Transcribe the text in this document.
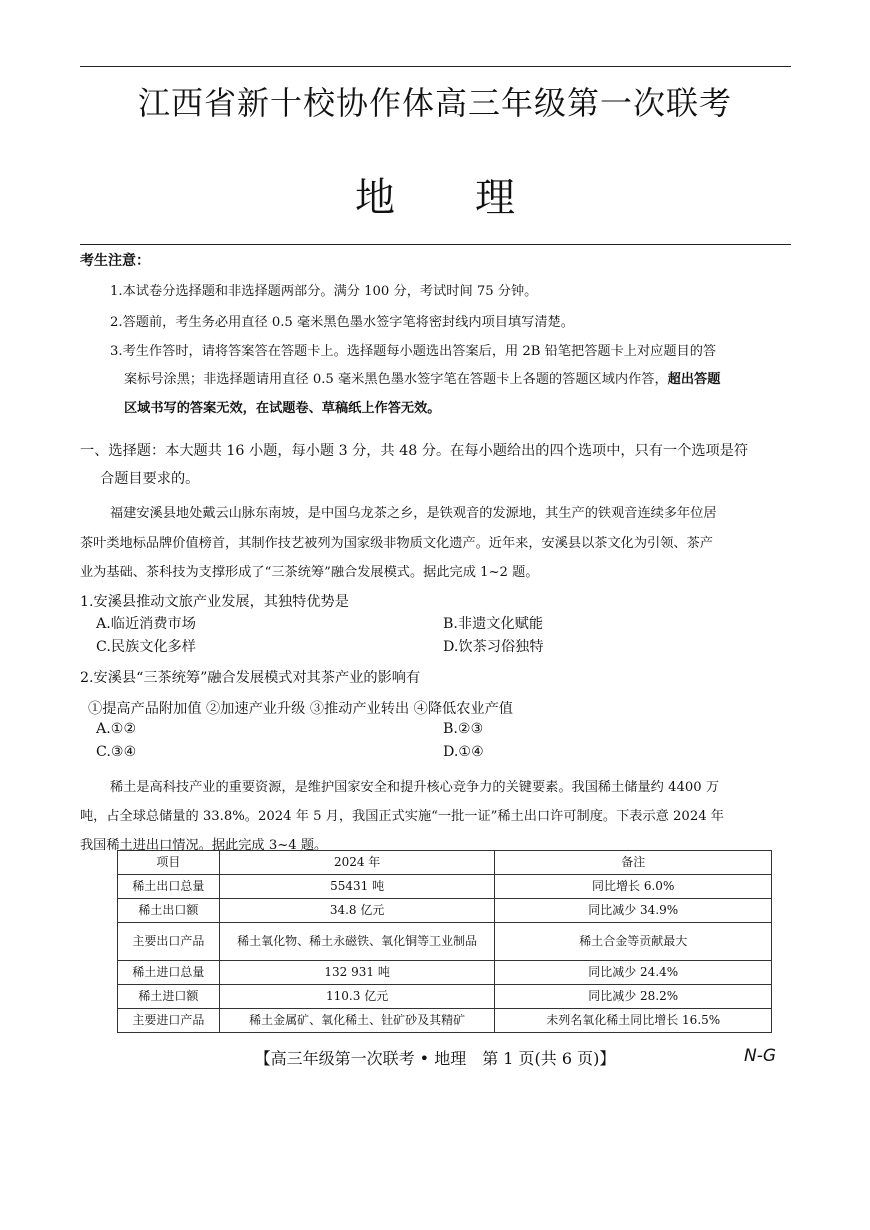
江西省新十校协作体高三年级第一次联考
地　　理
考生注意：
1.本试卷分选择题和非选择题两部分。满分 100 分，考试时间 75 分钟。
2.答题前，考生务必用直径 0.5 毫米黑色墨水签字笔将密封线内项目填写清楚。
3.考生作答时，请将答案答在答题卡上。选择题每小题选出答案后，用 2B 铅笔把答题卡上对应题目的答
案标号涂黑；非选择题请用直径 0.5 毫米黑色墨水签字笔在答题卡上各题的答题区域内作答，超出答题
区域书写的答案无效，在试题卷、草稿纸上作答无效。
一、选择题：本大题共 16 小题，每小题 3 分，共 48 分。在每小题给出的四个选项中，只有一个选项是符
合题目要求的。
福建安溪县地处戴云山脉东南坡，是中国乌龙茶之乡，是铁观音的发源地，其生产的铁观音连续多年位居
茶叶类地标品牌价值榜首，其制作技艺被列为国家级非物质文化遗产。近年来，安溪县以茶文化为引领、茶产
业为基础、茶科技为支撑形成了“三茶统筹”融合发展模式。据此完成 1~2 题。
1.安溪县推动文旅产业发展，其独特优势是
A.临近消费市场	B.非遗文化赋能
C.民族文化多样	D.饮茶习俗独特
2.安溪县“三茶统筹”融合发展模式对其茶产业的影响有
①提高产品附加值 ②加速产业升级 ③推动产业转出 ④降低农业产值
A.①②	B.②③
C.③④	D.①④
稀土是高科技产业的重要资源，是维护国家安全和提升核心竞争力的关键要素。我国稀土储量约 4400 万
吨，占全球总储量的 33.8%。2024 年 5 月，我国正式实施“一批一证”稀土出口许可制度。下表示意 2024 年
我国稀土进出口情况。据此完成 3~4 题。
项目	2024 年	备注
稀土出口总量	55431 吨	同比增长 6.0%
稀土出口额	34.8 亿元	同比减少 34.9%
主要出口产品	稀土氧化物、稀土永磁铁、氧化铜等工业制品	稀土合金等贡献最大
稀土进口总量	132 931 吨	同比减少 24.4%
稀土进口额	110.3 亿元	同比减少 28.2%
主要进口产品	稀土金属矿、氧化稀土、钍矿砂及其精矿	未列名氧化稀土同比增长 16.5%
【高三年级第一次联考 • 地理　第 1 页(共 6 页)】	N-G
